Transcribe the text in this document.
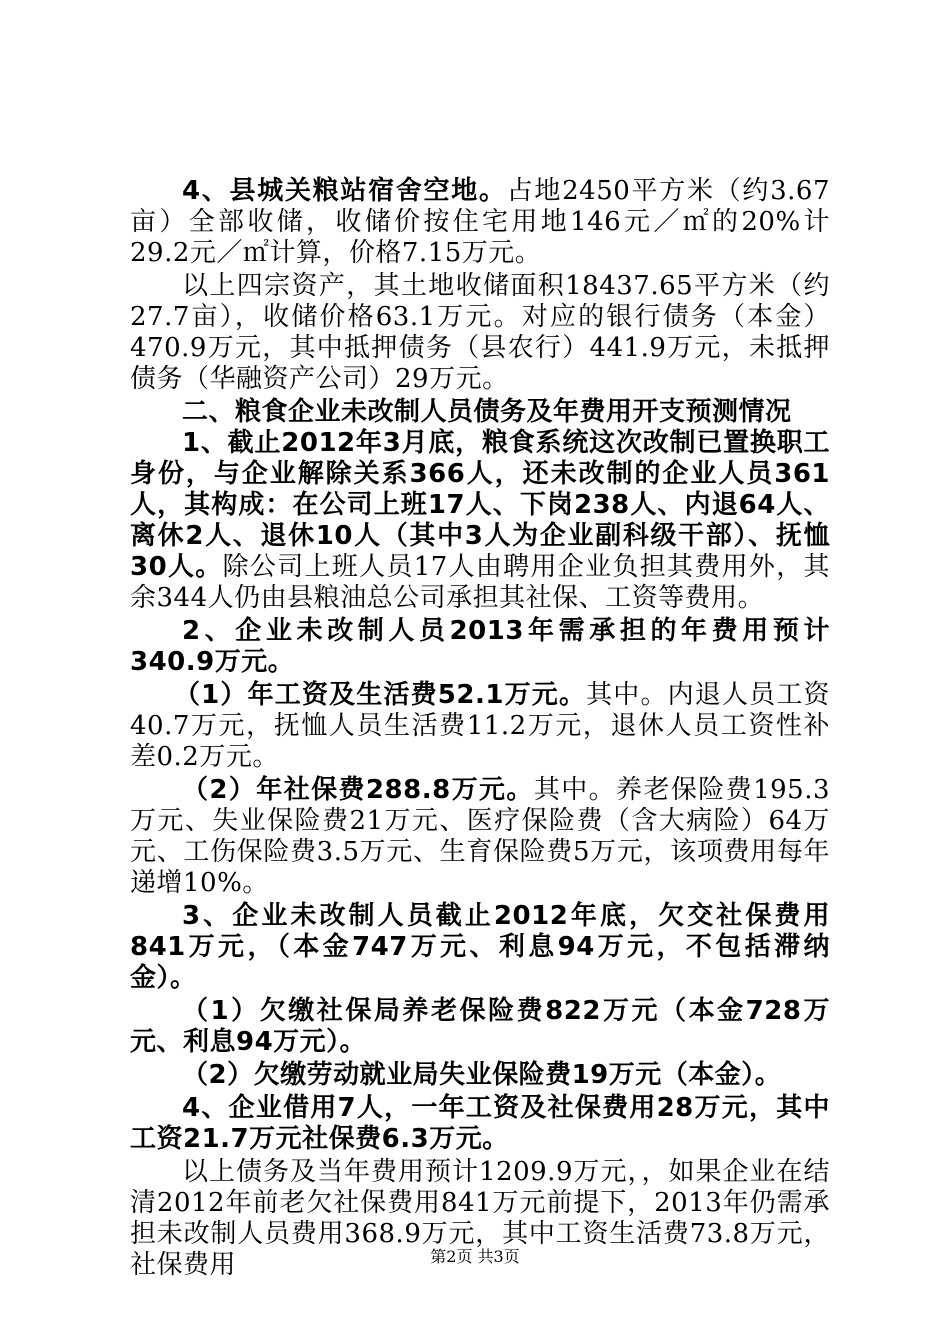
4、县城关粮站宿舍空地。占地2450平方米（约3.67亩）全部收储，收储价按住宅用地146元／㎡的20%计29.2元／㎡计算，价格7.15万元。

以上四宗资产，其土地收储面积18437.65平方米（约27.7亩），收储价格63.1万元。对应的银行债务（本金）470.9万元，其中抵押债务（县农行）441.9万元，未抵押债务（华融资产公司）29万元。

二、粮食企业未改制人员债务及年费用开支预测情况

1、截止2012年3月底，粮食系统这次改制已置换职工身份，与企业解除关系366人，还未改制的企业人员361人，其构成：在公司上班17人、下岗238人、内退64人、离休2人、退休10人（其中3人为企业副科级干部）、抚恤30人。除公司上班人员17人由聘用企业负担其费用外，其余344人仍由县粮油总公司承担其社保、工资等费用。

2、企业未改制人员2013年需承担的年费用预计340.9万元。

（1）年工资及生活费52.1万元。其中。内退人员工资40.7万元，抚恤人员生活费11.2万元，退休人员工资性补差0.2万元。

（2）年社保费288.8万元。其中。养老保险费195.3万元、失业保险费21万元、医疗保险费（含大病险）64万元、工伤保险费3.5万元、生育保险费5万元，该项费用每年递增10%。

3、企业未改制人员截止2012年底，欠交社保费用841万元，（本金747万元、利息94万元，不包括滞纳金）。

（1）欠缴社保局养老保险费822万元（本金728万元、利息94万元）。

（2）欠缴劳动就业局失业保险费19万元（本金）。

4、企业借用7人，一年工资及社保费用28万元，其中工资21.7万元社保费6.3万元。

以上债务及当年费用预计1209.9万元，，如果企业在结清2012年前老欠社保费用841万元前提下，2013年仍需承担未改制人员费用368.9万元，其中工资生活费73.8万元，社保费用	第2页 共3页
